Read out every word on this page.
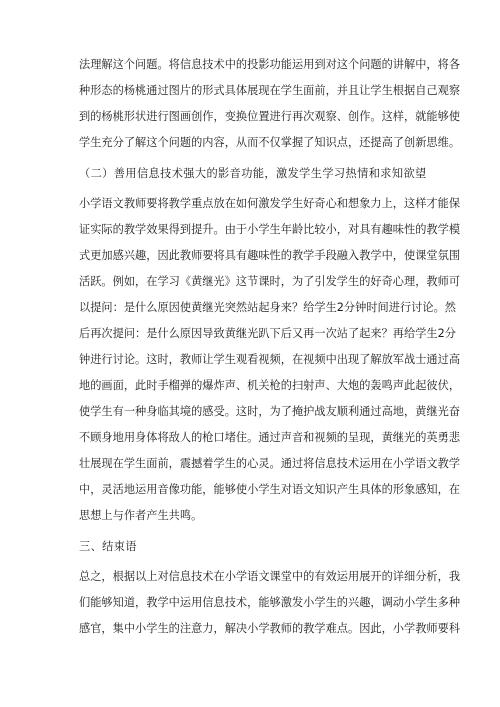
法理解这个问题。将信息技术中的投影功能运用到对这个问题的讲解中，将各
种形态的杨桃通过图片的形式具体展现在学生面前，并且让学生根据自己观察
到的杨桃形状进行图画创作，变换位置进行再次观察、创作。这样，就能够使
学生充分了解这个问题的内容，从而不仅掌握了知识点，还提高了创新思维。
（二）善用信息技术强大的影音功能，激发学生学习热情和求知欲望
小学语文教师要将教学重点放在如何激发学生好奇心和想象力上，这样才能保
证实际的教学效果得到提升。由于小学生年龄比较小，对具有趣味性的教学模
式更加感兴趣，因此教师要将具有趣味性的教学手段融入教学中，使课堂氛围
活跃。例如，在学习《黄继光》这节课时，为了引发学生的好奇心理，教师可
以提问：是什么原因使黄继光突然站起身来？给学生2分钟时间进行讨论。然
后再次提问：是什么原因导致黄继光趴下后又再一次站了起来？再给学生2分
钟进行讨论。这时，教师让学生观看视频，在视频中出现了解放军战士通过高
地的画面，此时手榴弹的爆炸声、机关枪的扫射声、大炮的轰鸣声此起彼伏，
使学生有一种身临其境的感受。这时，为了掩护战友顺利通过高地，黄继光奋
不顾身地用身体将敌人的枪口堵住。通过声音和视频的呈现，黄继光的英勇悲
壮展现在学生面前，震撼着学生的心灵。通过将信息技术运用在小学语文教学
中，灵活地运用音像功能，能够使小学生对语文知识产生具体的形象感知，在
思想上与作者产生共鸣。
三、结束语
总之，根据以上对信息技术在小学语文课堂中的有效运用展开的详细分析，我
们能够知道，教学中运用信息技术，能够激发小学生的兴趣，调动小学生多种
感官，集中小学生的注意力，解决小学教师的教学难点。因此，小学教师要科
